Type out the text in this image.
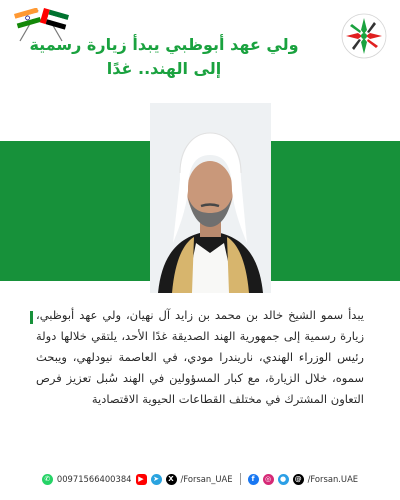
ولي عهد أبوظبي يبدأ زيارة رسمية
إلى الهند.. غدًا
يبدأ سمو الشيخ خالد بن محمد بن زايد آل نهيان، ولي عهد أبوظبي، زيارة رسمية إلى جمهورية الهند الصديقة غدًا الأحد، يلتقي خلالها دولة رئيس الوزراء الهندي، ناريندرا مودي، في العاصمة نيودلهي، ويبحث سموه، خلال الزيارة، مع كبار المسؤولين في الهند سُبل تعزيز فرص التعاون المشترك في مختلف القطاعات الحيوية الاقتصادية
✆ 00971566400384 ▶	➤	X /Forsan_UAE	f	◎	●	@ /Forsan.UAE
